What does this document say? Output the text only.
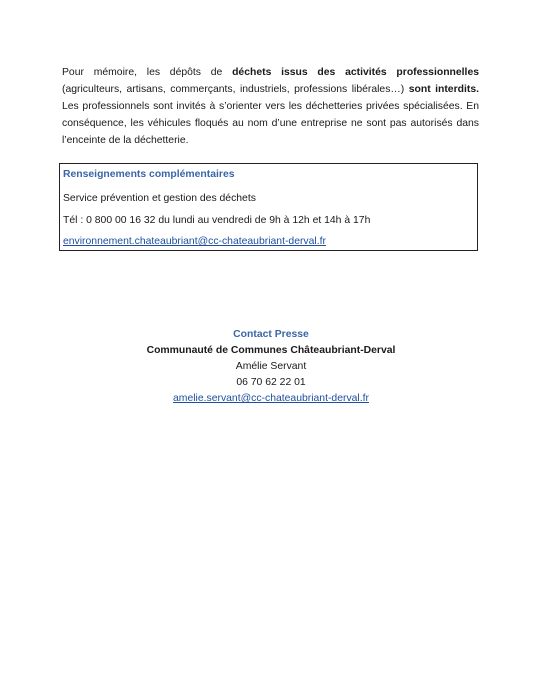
Pour mémoire, les dépôts de déchets issus des activités professionnelles (agriculteurs, artisans, commerçants, industriels, professions libérales…) sont interdits. Les professionnels sont invités à s’orienter vers les déchetteries privées spécialisées. En conséquence, les véhicules floqués au nom d’une entreprise ne sont pas autorisés dans l’enceinte de la déchetterie.

Renseignements complémentaires
Service prévention et gestion des déchets
Tél : 0 800 00 16 32 du lundi au vendredi de 9h à 12h et 14h à 17h
environnement.chateaubriant@cc-chateaubriant-derval.fr
Contact Presse
Communauté de Communes Châteaubriant-Derval
Amélie Servant
06 70 62 22 01
amelie.servant@cc-chateaubriant-derval.fr
